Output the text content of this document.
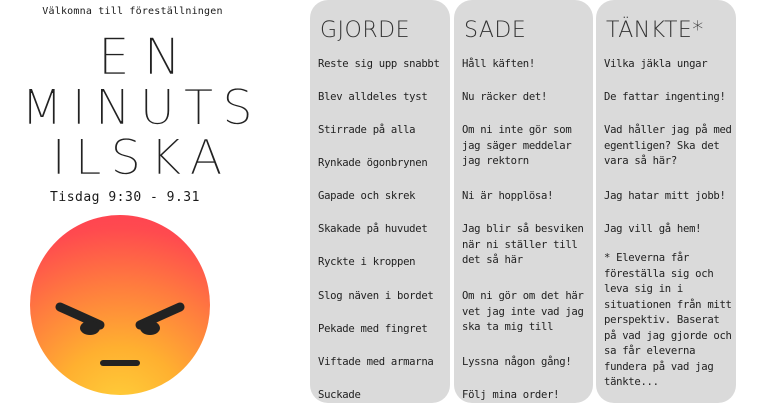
Välkomna till föreställningen
EN
MINUTS
ILSKA
Tisdag 9:30 - 9.31
GJORDE
Reste sig upp snabbt
Blev alldeles tyst
Stirrade på alla
Rynkade ögonbrynen
Gapade och skrek
Skakade på huvudet
Ryckte i kroppen
Slog näven i bordet
Pekade med fingret
Viftade med armarna
Suckade
SADE
Håll käften!
Nu räcker det!
Om ni inte gör som jag säger meddelar jag rektorn
Ni är hopplösa!
Jag blir så besviken när ni ställer till det så här
Om ni gör om det här vet jag inte vad jag ska ta mig till
Lyssna någon gång!
Följ mina order!
TÄNKTE*
Vilka jäkla ungar
De fattar ingenting!
Vad håller jag på med egentligen? Ska det vara så här?
Jag hatar mitt jobb!
Jag vill gå hem!
* Eleverna får föreställa sig och leva sig in i situationen från mitt perspektiv. Baserat på vad jag gjorde och sa får eleverna fundera på vad jag tänkte...
